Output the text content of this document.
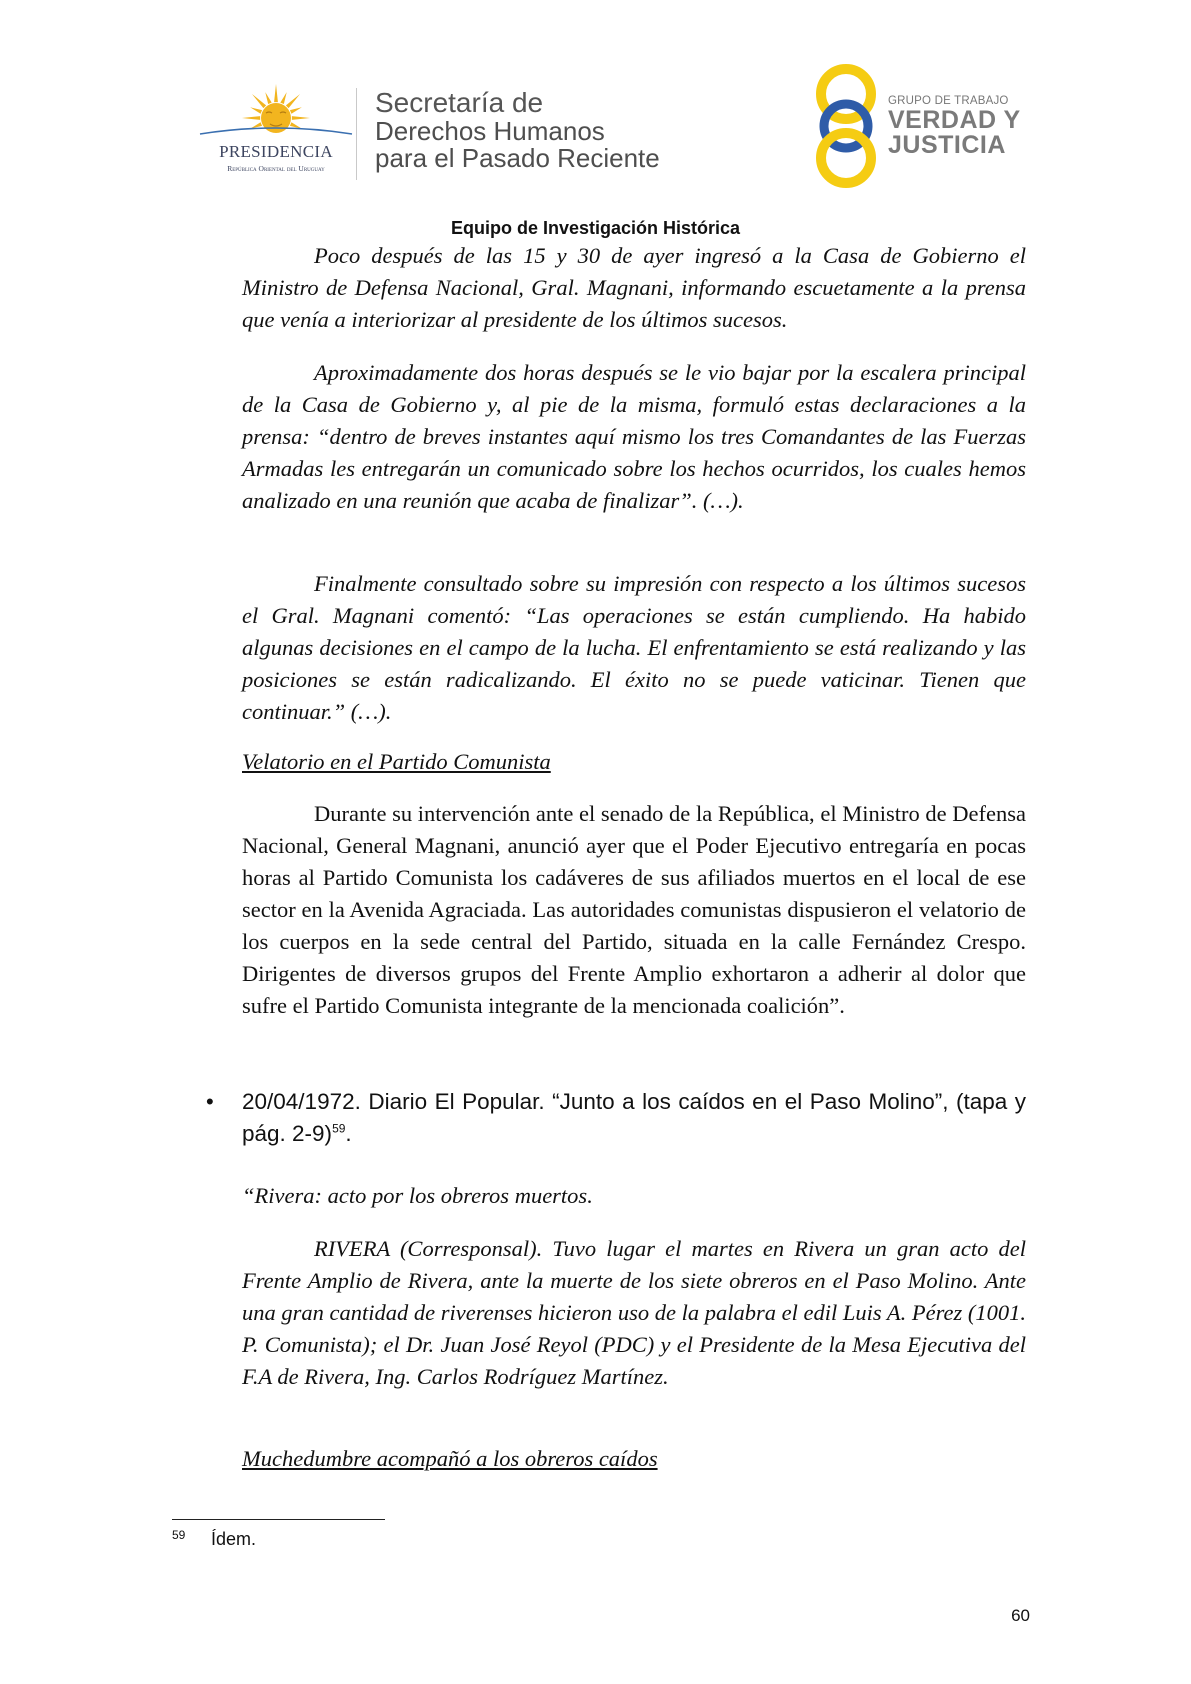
PRESIDENCIA
República Oriental del Uruguay
Secretaría de
Derechos Humanos
para el Pasado Reciente
GRUPO DE TRABAJO
VERDAD Y
JUSTICIA
Equipo de Investigación Histórica

Poco después de las 15 y 30 de ayer ingresó a la Casa de Gobierno el Ministro de Defensa Nacional, Gral. Magnani, informando escuetamente a la prensa que venía a interiorizar al presidente de los últimos sucesos.

Aproximadamente dos horas después se le vio bajar por la escalera principal de la Casa de Gobierno y, al pie de la misma, formuló estas declaraciones a la prensa: “dentro de breves instantes aquí mismo los tres Comandantes de las Fuerzas Armadas les entregarán un comunicado sobre los hechos ocurridos, los cuales hemos analizado en una reunión que acaba de finalizar”. (…).

Finalmente consultado sobre su impresión con respecto a los últimos sucesos el Gral. Magnani comentó: “Las operaciones se están cumpliendo. Ha habido algunas decisiones en el campo de la lucha. El enfrentamiento se está realizando y las posiciones se están radicalizando. El éxito no se puede vaticinar. Tienen que continuar.” (…).

Velatorio en el Partido Comunista

Durante su intervención ante el senado de la República, el Ministro de Defensa Nacional, General Magnani, anunció ayer que el Poder Ejecutivo entregaría en pocas horas al Partido Comunista los cadáveres de sus afiliados muertos en el local de ese sector en la Avenida Agraciada. Las autoridades comunistas dispusieron el velatorio de los cuerpos en la sede central del Partido, situada en la calle Fernández Crespo. Dirigentes de diversos grupos del Frente Amplio exhortaron a adherir al dolor que sufre el Partido Comunista integrante de la mencionada coalición”.

• 20/04/1972. Diario El Popular. “Junto a los caídos en el Paso Molino”, (tapa y pág. 2-9)$^{59}$.

“Rivera: acto por los obreros muertos.

RIVERA (Corresponsal). Tuvo lugar el martes en Rivera un gran acto del Frente Amplio de Rivera, ante la muerte de los siete obreros en el Paso Molino. Ante una gran cantidad de riverenses hicieron uso de la palabra el edil Luis A. Pérez (1001. P. Comunista); el Dr. Juan José Reyol (PDC) y el Presidente de la Mesa Ejecutiva del F.A de Rivera, Ing. Carlos Rodríguez Martínez.

Muchedumbre acompañó a los obreros caídos

59 Ídem.
60
